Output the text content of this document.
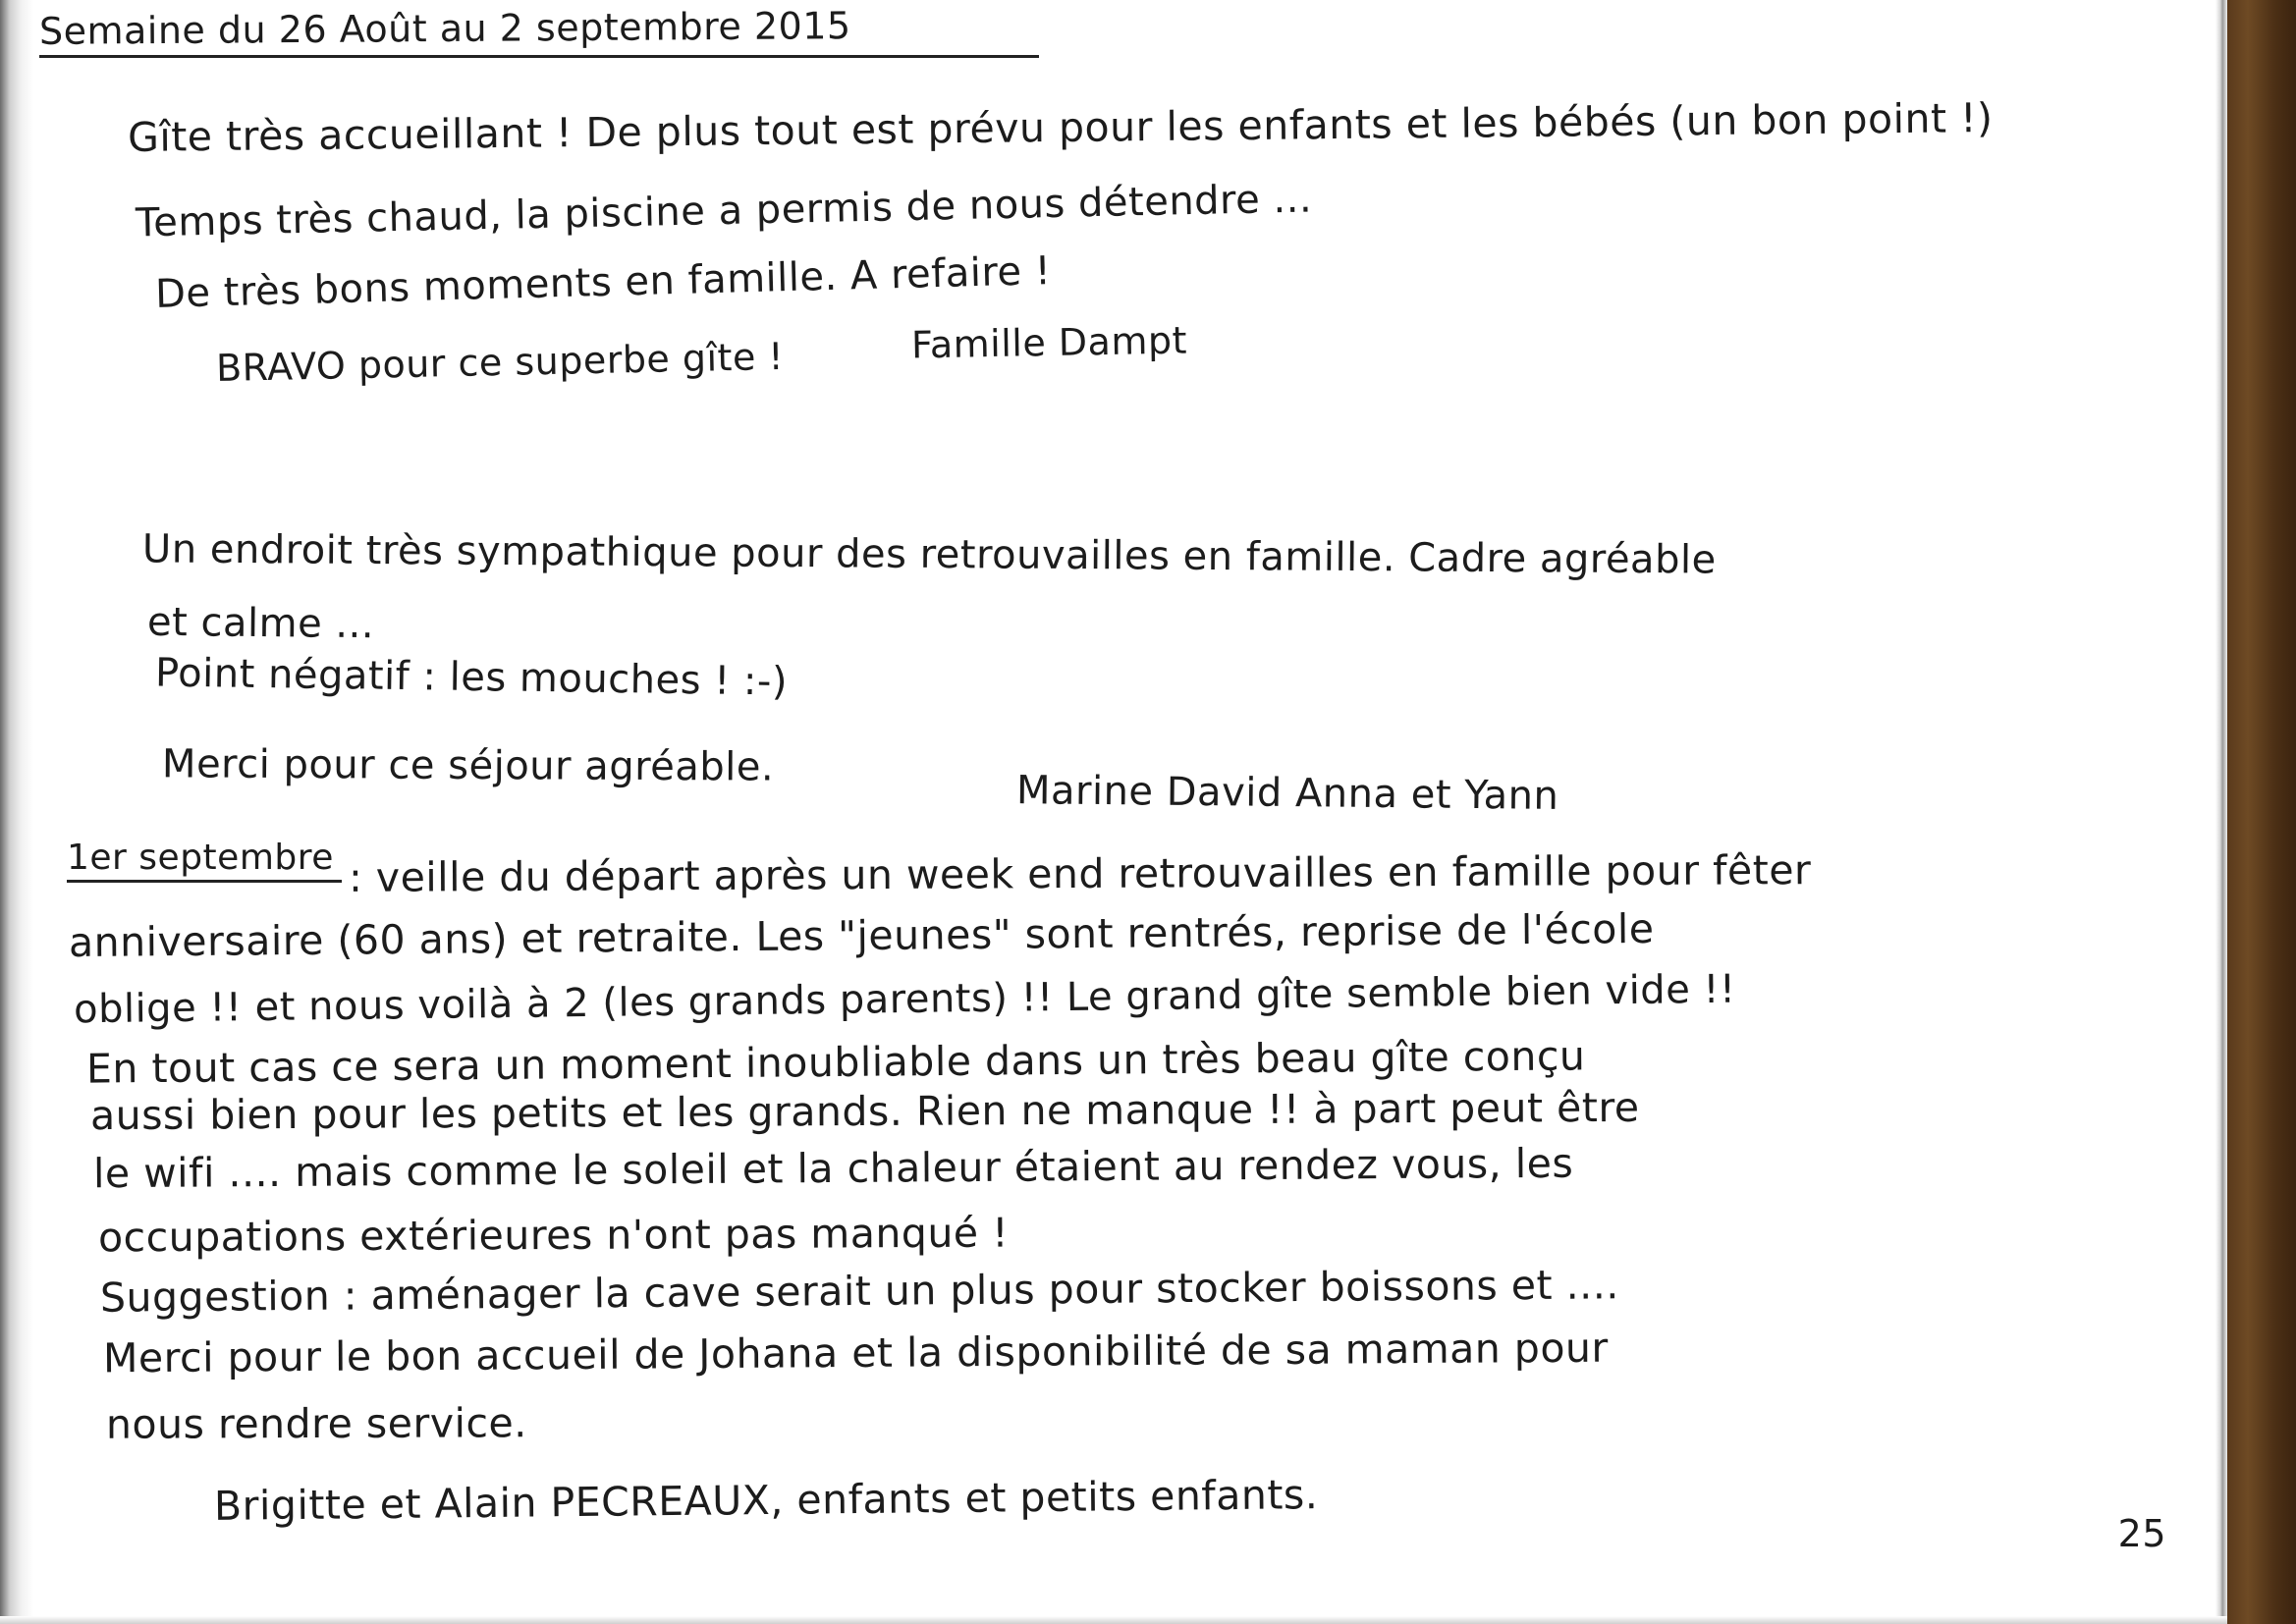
Semaine du 26 Août au 2 septembre 2015
Gîte très accueillant ! De plus tout est prévu pour les enfants et les bébés (un bon point !)
Temps très chaud, la piscine a permis de nous détendre ...
De très bons moments en famille. A refaire !
BRAVO pour ce superbe gîte !	Famille Dampt
Un endroit très sympathique pour des retrouvailles en famille. Cadre agréable
et calme ...
Point négatif : les mouches ! :-)
Merci pour ce séjour agréable.
Marine David Anna et Yann
1er septembre : veille du départ après un week end retrouvailles en famille pour fêter
anniversaire (60 ans) et retraite. Les "jeunes" sont rentrés, reprise de l'école
oblige !! et nous voilà à 2 (les grands parents) !! Le grand gîte semble bien vide !!
En tout cas ce sera un moment inoubliable dans un très beau gîte conçu
aussi bien pour les petits et les grands. Rien ne manque !! à part peut être
le wifi .... mais comme le soleil et la chaleur étaient au rendez vous, les
occupations extérieures n'ont pas manqué !
Suggestion : aménager la cave serait un plus pour stocker boissons et ....
Merci pour le bon accueil de Johana et la disponibilité de sa maman pour
nous rendre service.
Brigitte et Alain PECREAUX, enfants et petits enfants.
25
